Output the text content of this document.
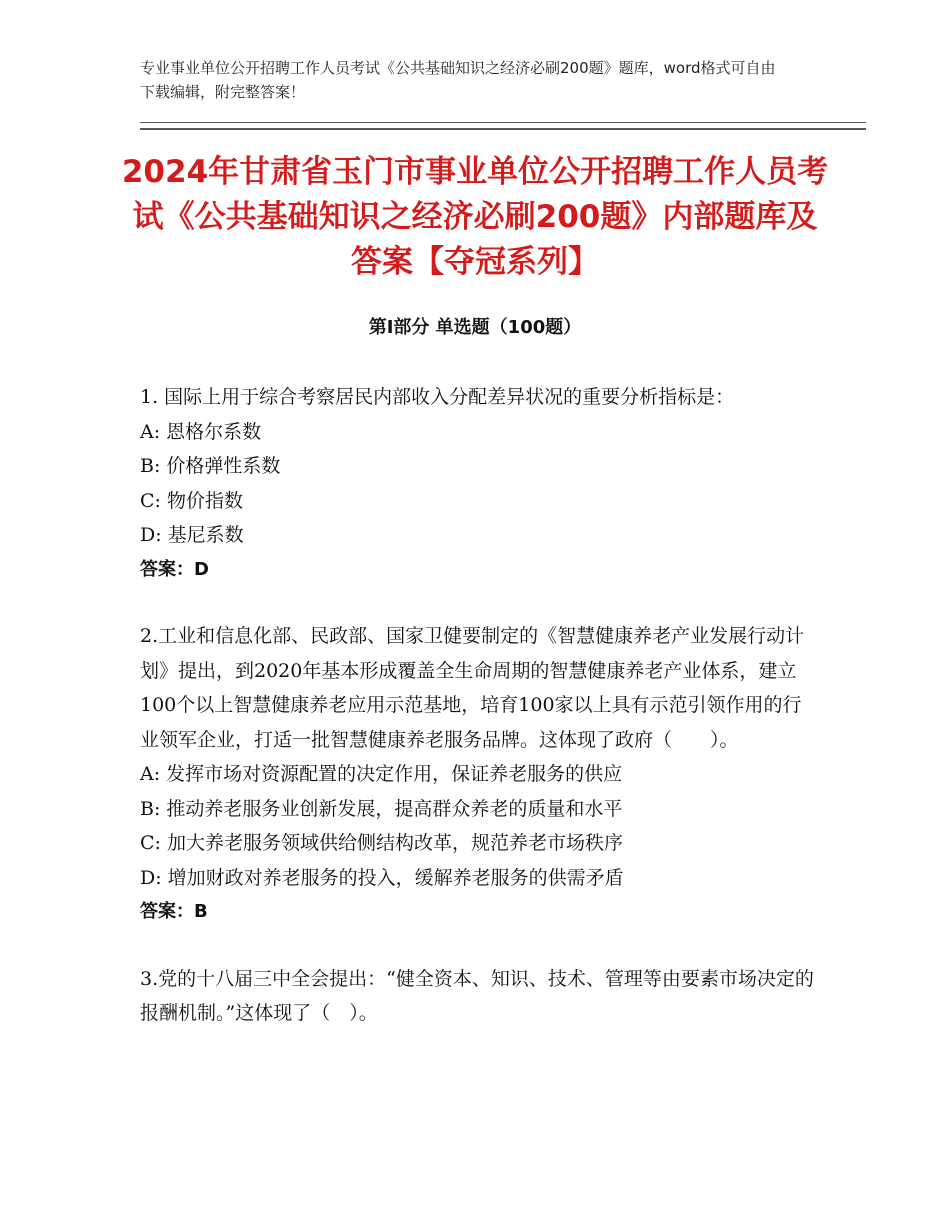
专业事业单位公开招聘工作人员考试《公共基础知识之经济必刷200题》题库，word格式可自由下载编辑，附完整答案！
2024年甘肃省玉门市事业单位公开招聘工作人员考试《公共基础知识之经济必刷200题》内部题库及答案【夺冠系列】
第Ⅰ部分 单选题（100题）

1. 国际上用于综合考察居民内部收入分配差异状况的重要分析指标是：

A: 恩格尔系数

B: 价格弹性系数

C: 物价指数

D: 基尼系数

答案：D

2.工业和信息化部、民政部、国家卫健要制定的《智慧健康养老产业发展行动计划》提出，到2020年基本形成覆盖全生命周期的智慧健康养老产业体系，建立100个以上智慧健康养老应用示范基地，培育100家以上具有示范引领作用的行业领军企业，打适一批智慧健康养老服务品牌。这体现了政府（　　）。

A: 发挥市场对资源配置的决定作用，保证养老服务的供应

B: 推动养老服务业创新发展，提高群众养老的质量和水平

C: 加大养老服务领域供给侧结构改革，规范养老市场秩序

D: 增加财政对养老服务的投入，缓解养老服务的供需矛盾

答案：B

3.党的十八届三中全会提出：“健全资本、知识、技术、管理等由要素市场决定的报酬机制。”这体现了（　）。
